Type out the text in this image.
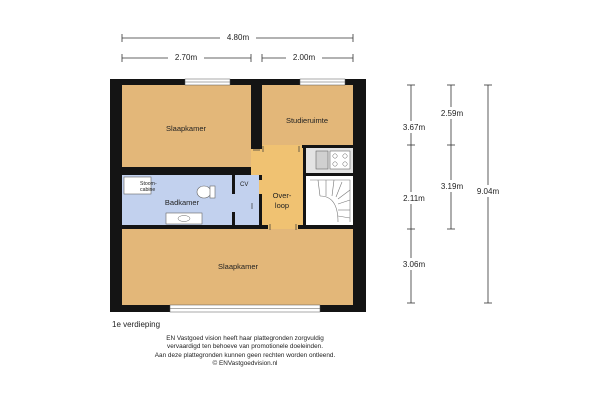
4.80m
2.70m	2.00m
Stoom-
cabine
Slaapkamer
Studieruimte
Badkamer
CV
Over-
loop
Slaapkamer
3.67m
2.11m
3.06m
2.59m
3.19m
9.04m
1e verdieping
EN Vastgoed vision heeft haar plattegronden zorgvuldig
vervaardigd ten behoeve van promotionele doeleinden.
Aan deze plattegronden kunnen geen rechten worden ontleend.
© ENVastgoedvision.nl
